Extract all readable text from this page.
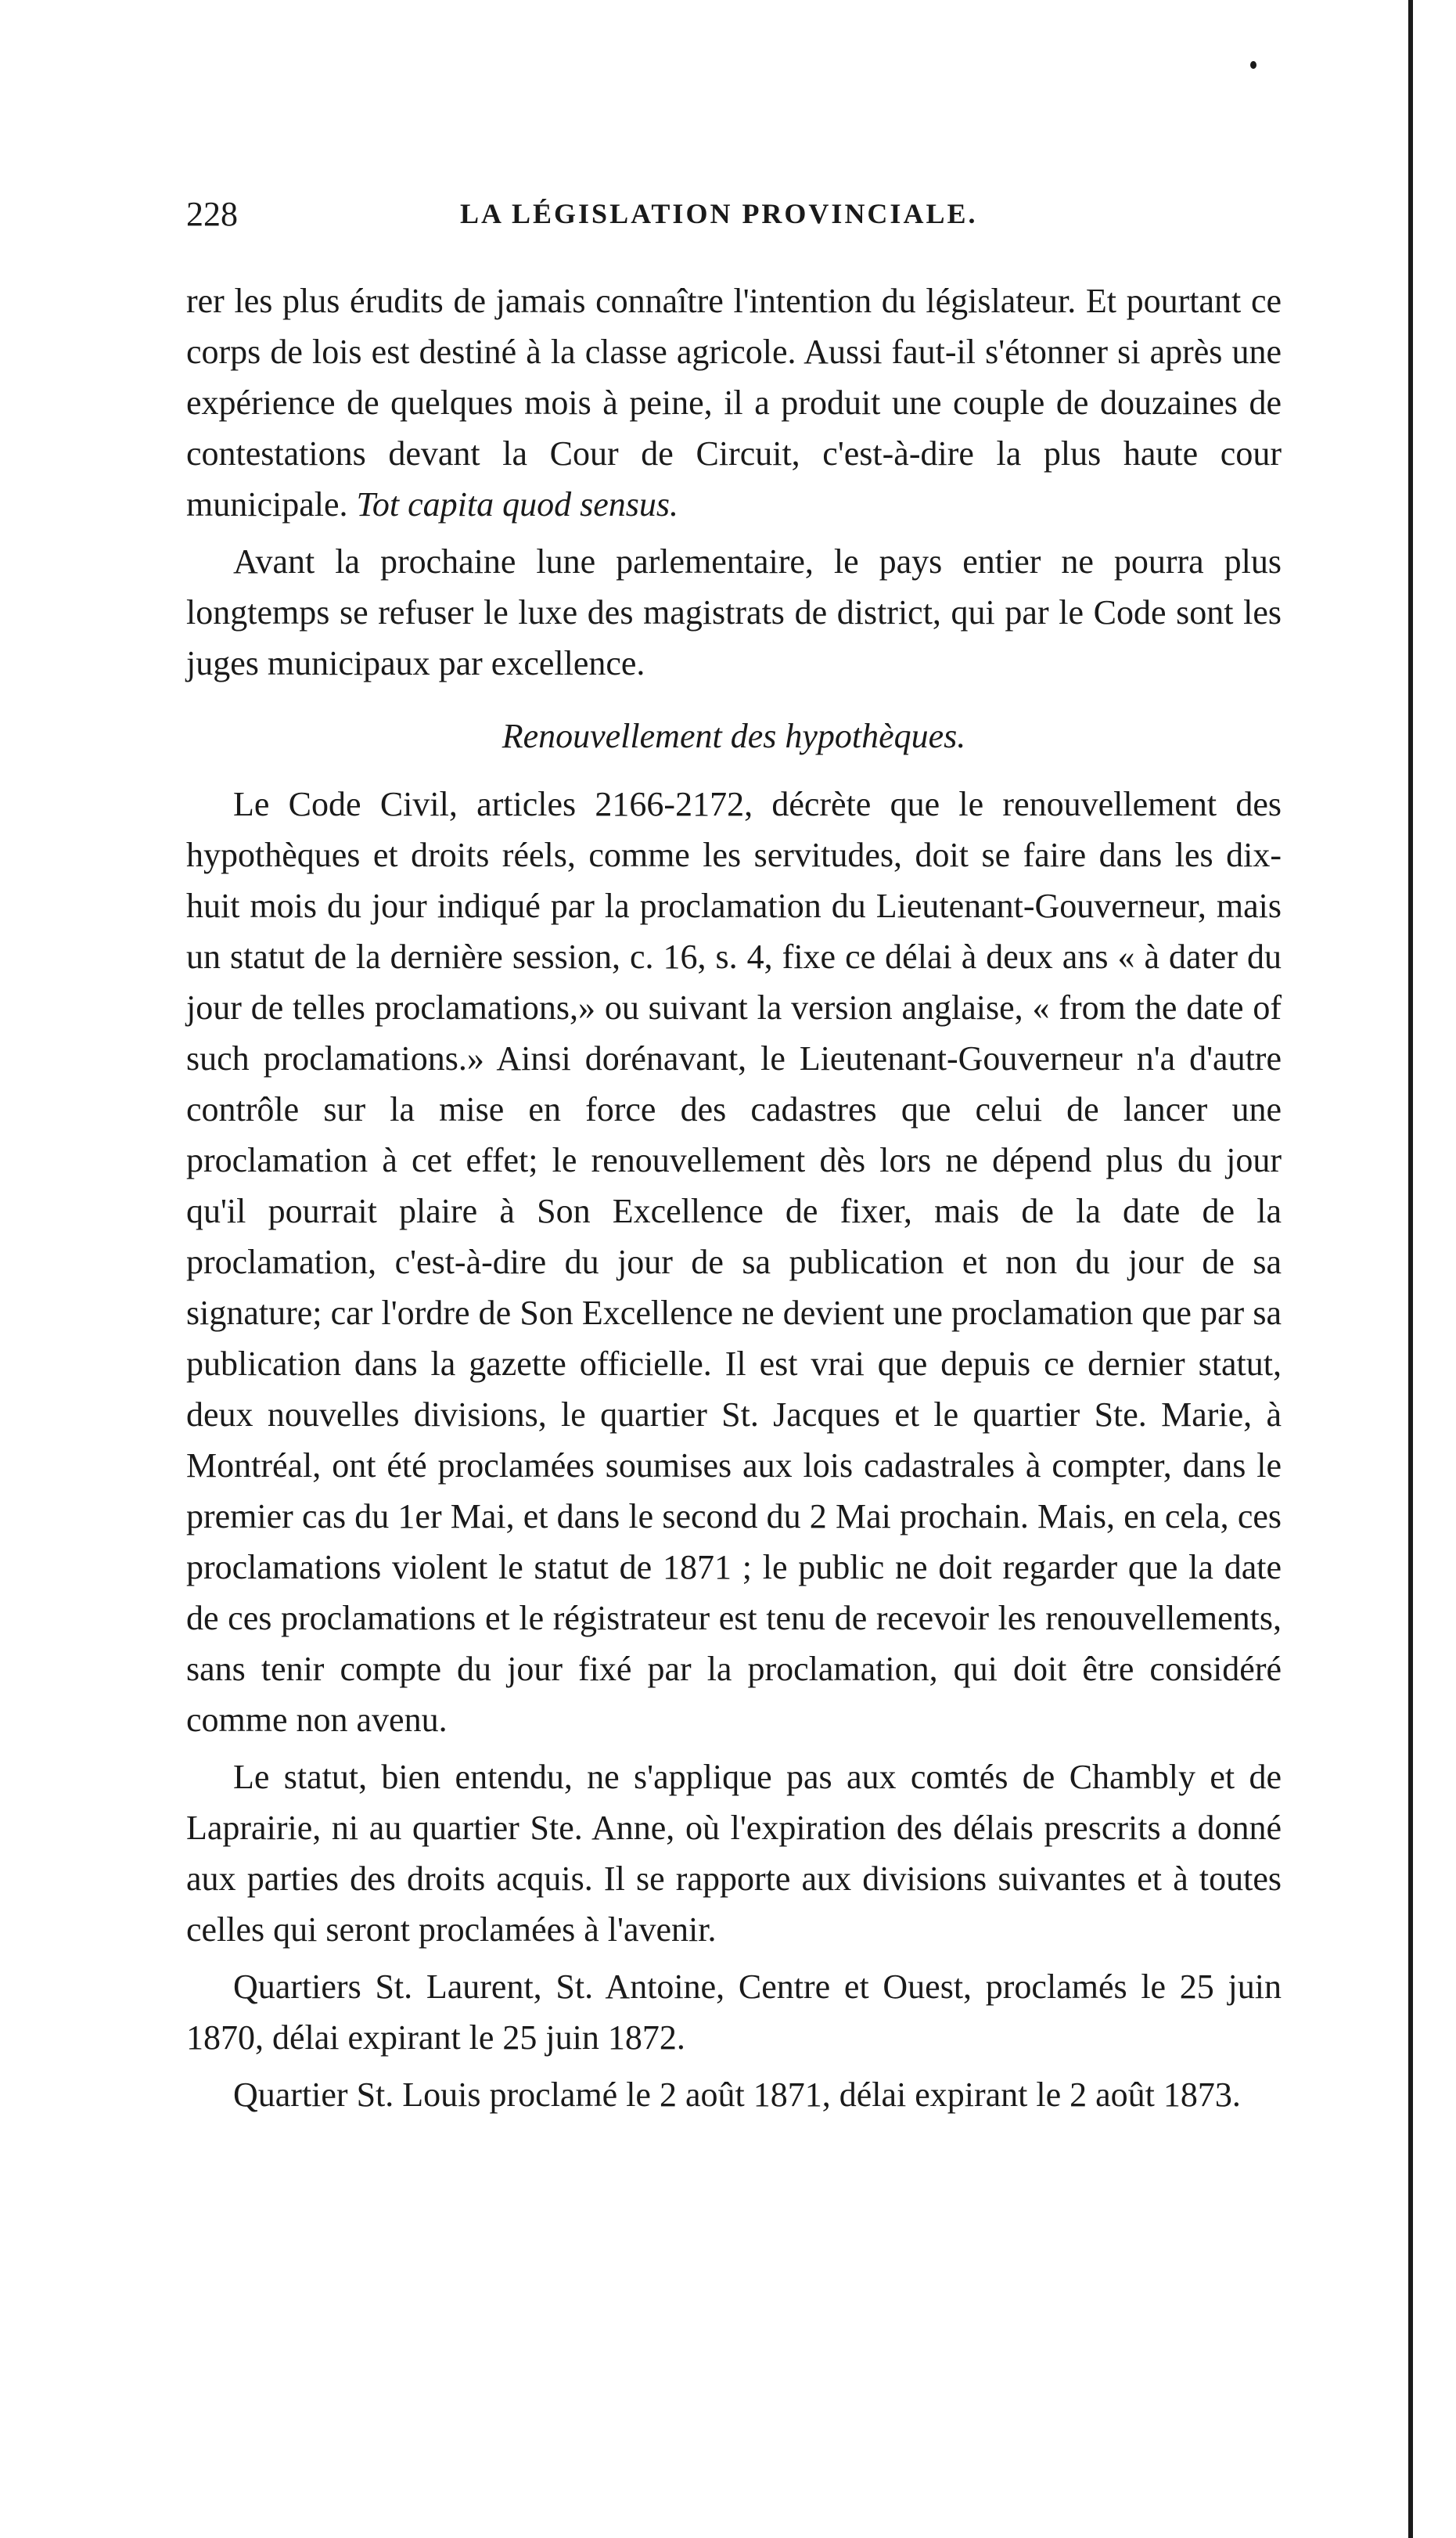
228	LA LÉGISLATION PROVINCIALE.

rer les plus érudits de jamais connaître l'intention du législateur. Et pourtant ce corps de lois est destiné à la classe agricole. Aussi faut-il s'étonner si après une expérience de quelques mois à peine, il a produit une couple de douzaines de contestations devant la Cour de Circuit, c'est-à-dire la plus haute cour municipale. Tot capita quod sensus.

Avant la prochaine lune parlementaire, le pays entier ne pourra plus longtemps se refuser le luxe des magistrats de district, qui par le Code sont les juges municipaux par excellence.

Renouvellement des hypothèques.

Le Code Civil, articles 2166-2172, décrète que le renouvellement des hypothèques et droits réels, comme les servitudes, doit se faire dans les dix-huit mois du jour indiqué par la proclamation du Lieutenant-Gouverneur, mais un statut de la dernière session, c. 16, s. 4, fixe ce délai à deux ans « à dater du jour de telles proclamations,» ou suivant la version anglaise, « from the date of such proclamations.» Ainsi dorénavant, le Lieutenant-Gouverneur n'a d'autre contrôle sur la mise en force des cadastres que celui de lancer une proclamation à cet effet; le renouvellement dès lors ne dépend plus du jour qu'il pourrait plaire à Son Excellence de fixer, mais de la date de la proclamation, c'est-à-dire du jour de sa publication et non du jour de sa signature; car l'ordre de Son Excellence ne devient une proclamation que par sa publication dans la gazette officielle. Il est vrai que depuis ce dernier statut, deux nouvelles divisions, le quartier St. Jacques et le quartier Ste. Marie, à Montréal, ont été proclamées soumises aux lois cadastrales à compter, dans le premier cas du 1er Mai, et dans le second du 2 Mai prochain. Mais, en cela, ces proclamations violent le statut de 1871 ; le public ne doit regarder que la date de ces proclamations et le régistrateur est tenu de recevoir les renouvellements, sans tenir compte du jour fixé par la proclamation, qui doit être considéré comme non avenu.

Le statut, bien entendu, ne s'applique pas aux comtés de Chambly et de Laprairie, ni au quartier Ste. Anne, où l'expiration des délais prescrits a donné aux parties des droits acquis. Il se rapporte aux divisions suivantes et à toutes celles qui seront proclamées à l'avenir.

Quartiers St. Laurent, St. Antoine, Centre et Ouest, proclamés le 25 juin 1870, délai expirant le 25 juin 1872.

Quartier St. Louis proclamé le 2 août 1871, délai expirant le 2 août 1873.
